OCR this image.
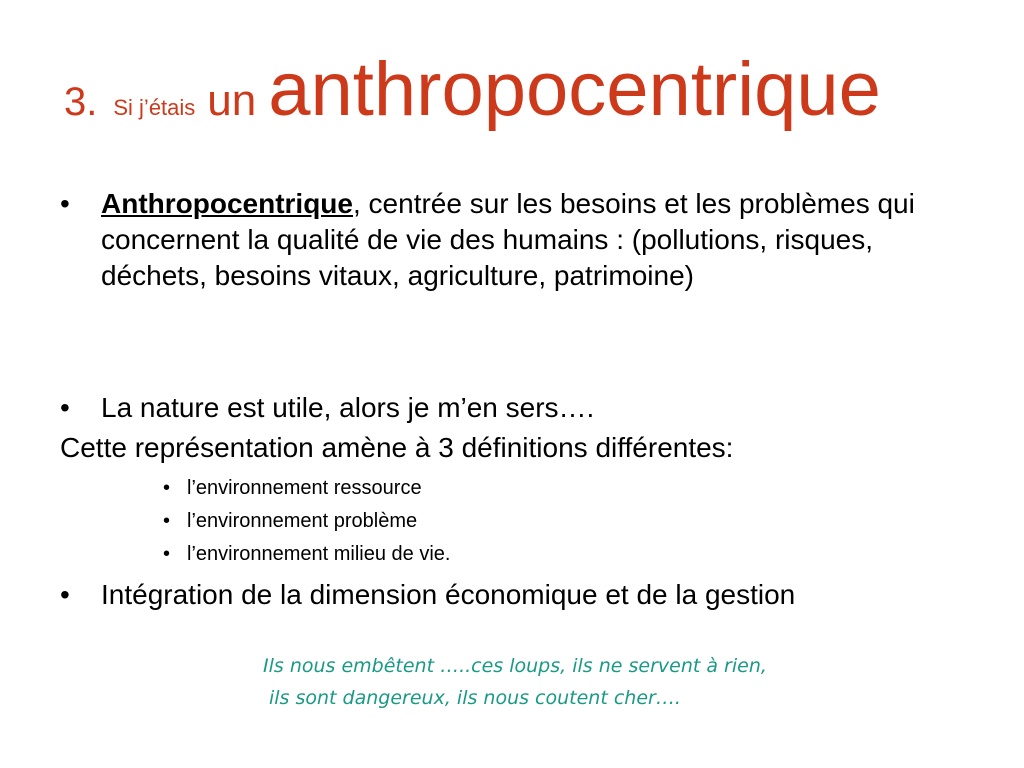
3. Si j’étais un anthropocentrique
• Anthropocentrique, centrée sur les besoins et les problèmes qui concernent la qualité de vie des humains : (pollutions, risques, déchets, besoins vitaux, agriculture, patrimoine)
• La nature est utile, alors je m’en sers….
Cette représentation amène à 3 définitions différentes:
• l’environnement ressource
• l’environnement problème
• l’environnement milieu de vie.
• Intégration de la dimension économique et de la gestion
Ils nous embêtent …..ces loups, ils ne servent à rien,
ils sont dangereux, ils nous coutent cher….
